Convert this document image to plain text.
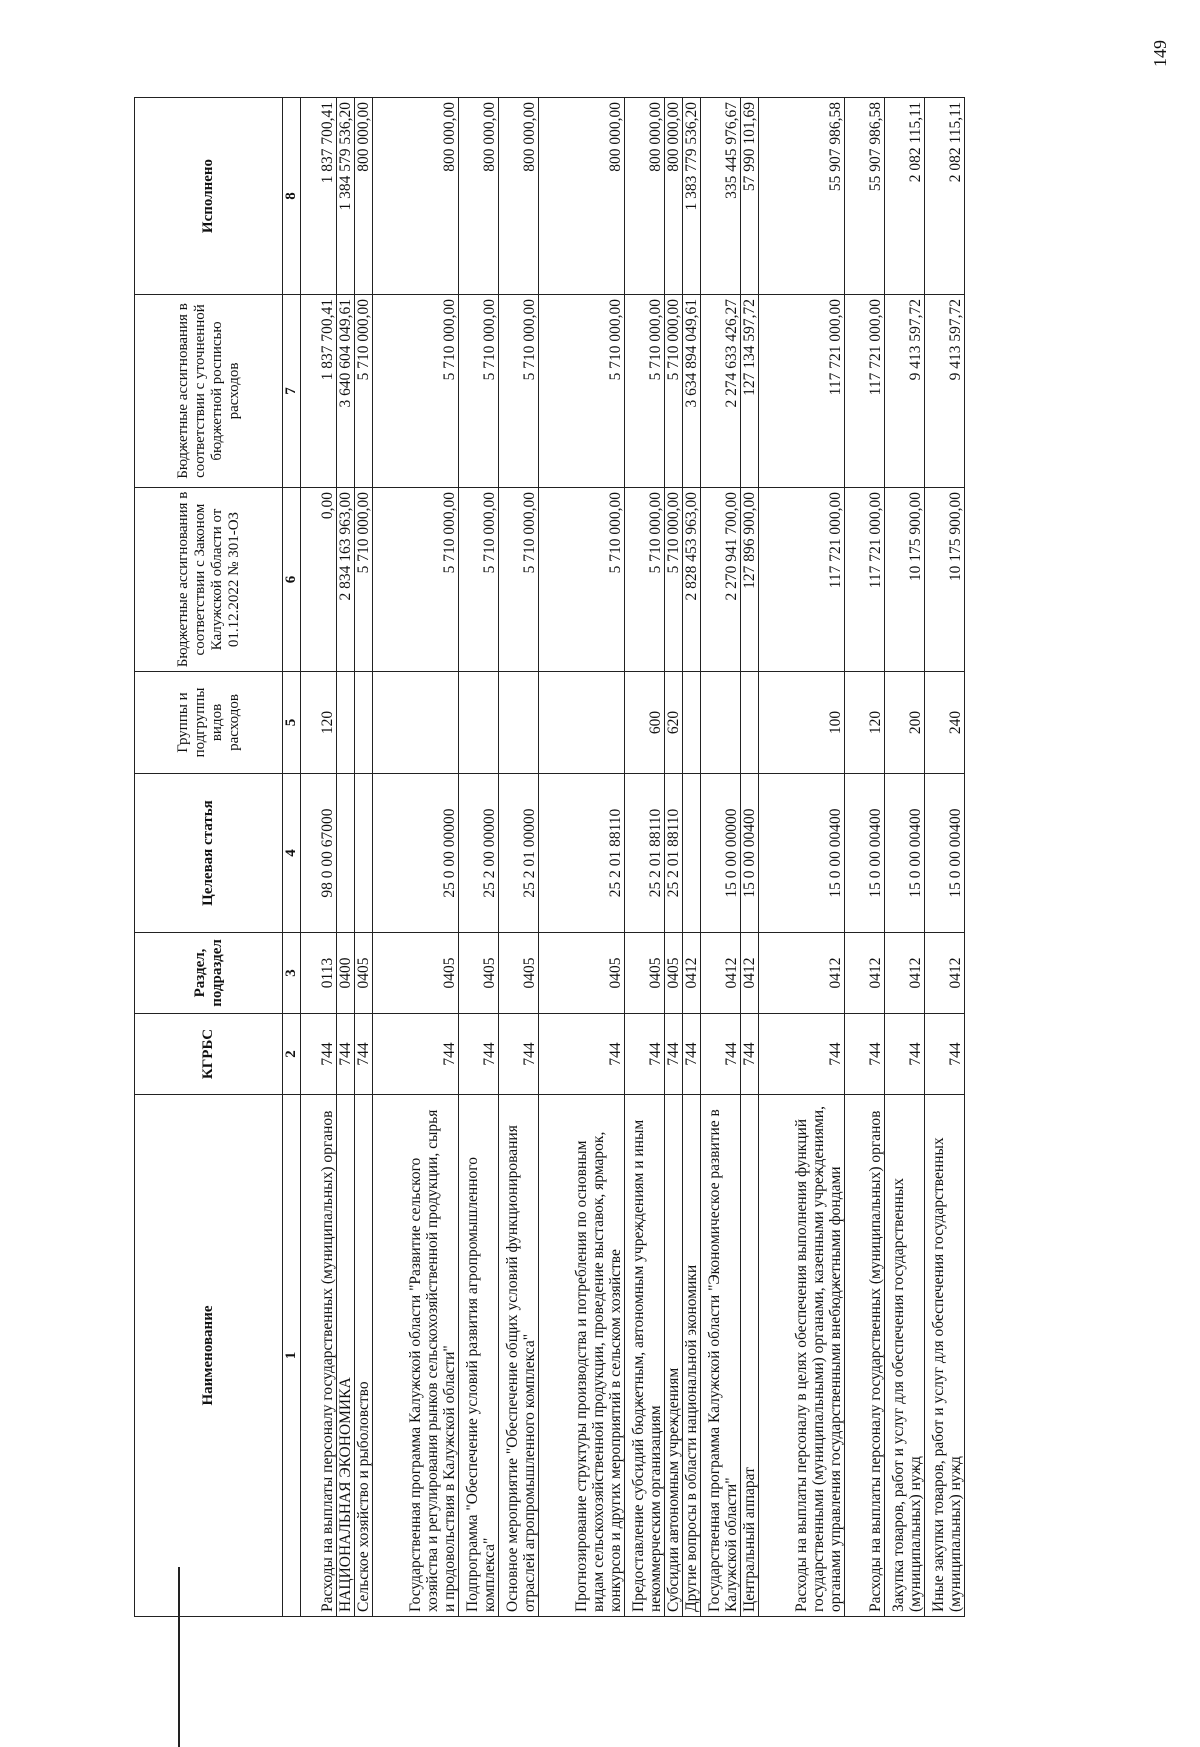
Наименование	КГРБС	Раздел, подраздел	Целевая статья	Группы и подгруппы видов расходов	Бюджетные ассигнования в соответствии с Законом Калужской области от 01.12.2022 № 301-ОЗ	Бюджетные ассигнования в соответствии с уточненной бюджетной росписью расходов	Исполнено
1	2	3	4	5	6	7	8
Расходы на выплаты персоналу государственных (муниципальных) органов	744	0113	98 0 00 67000	120	0,00	1 837 700,41	1 837 700,41
НАЦИОНАЛЬНАЯ ЭКОНОМИКА	744	0400			2 834 163 963,00	3 640 604 049,61	1 384 579 536,20
Сельское хозяйство и рыболовство	744	0405			5 710 000,00	5 710 000,00	800 000,00
Государственная программа Калужской области "Развитие сельского хозяйства и регулирования рынков сельскохозяйственной продукции, сырья и продовольствия в Калужской области"	744	0405	25 0 00 00000		5 710 000,00	5 710 000,00	800 000,00
Подпрограмма "Обеспечение условий развития агропромышленного комплекса"	744	0405	25 2 00 00000		5 710 000,00	5 710 000,00	800 000,00
Основное мероприятие "Обеспечение общих условий функционирования отраслей агропромышленного комплекса"	744	0405	25 2 01 00000		5 710 000,00	5 710 000,00	800 000,00
Прогнозирование структуры производства и потребления по основным видам сельскохозяйственной продукции, проведение выставок, ярмарок, конкурсов и других мероприятий в сельском хозяйстве	744	0405	25 2 01 88110		5 710 000,00	5 710 000,00	800 000,00
Предоставление субсидий бюджетным, автономным учреждениям и иным некоммерческим организациям	744	0405	25 2 01 88110	600	5 710 000,00	5 710 000,00	800 000,00
Субсидии автономным учреждениям	744	0405	25 2 01 88110	620	5 710 000,00	5 710 000,00	800 000,00
Другие вопросы в области национальной экономики	744	0412			2 828 453 963,00	3 634 894 049,61	1 383 779 536,20
Государственная программа Калужской области "Экономическое развитие в Калужской области"	744	0412	15 0 00 00000		2 270 941 700,00	2 274 633 426,27	335 445 976,67
Центральный аппарат	744	0412	15 0 00 00400		127 896 900,00	127 134 597,72	57 990 101,69
Расходы на выплаты персоналу в целях обеспечения выполнения функций государственными (муниципальными) органами, казенными учреждениями, органами управления государственными внебюджетными фондами	744	0412	15 0 00 00400	100	117 721 000,00	117 721 000,00	55 907 986,58
Расходы на выплаты персоналу государственных (муниципальных) органов	744	0412	15 0 00 00400	120	117 721 000,00	117 721 000,00	55 907 986,58
Закупка товаров, работ и услуг для обеспечения государственных (муниципальных) нужд	744	0412	15 0 00 00400	200	10 175 900,00	9 413 597,72	2 082 115,11
Иные закупки товаров, работ и услуг для обеспечения государственных (муниципальных) нужд	744	0412	15 0 00 00400	240	10 175 900,00	9 413 597,72	2 082 115,11
149
